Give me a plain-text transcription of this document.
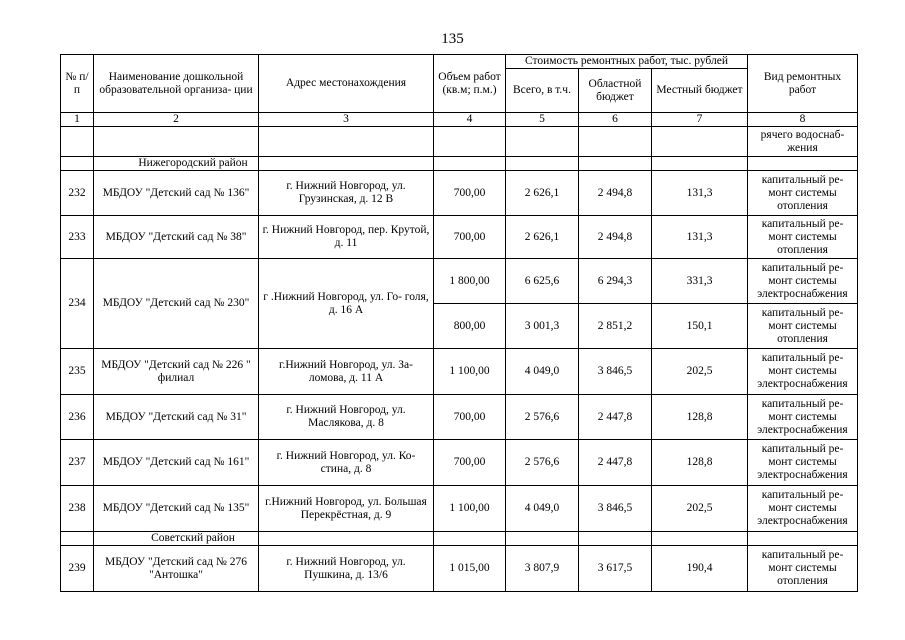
135
№ п/п	Наименование дошкольной образовательной организа- ции	Адрес местонахождения	Объем работ (кв.м; п.м.)	Стоимость ремонтных работ, тыс. рублей			Вид ремонтных работ
				Всего, в т.ч.	Областной бюджет	Местный бюджет	
1	2	3	4	5	6	7	8
							рячего водоснаб- жения
	Нижегородский район						
232	МБДОУ "Детский сад № 136"	г. Нижний Новгород, ул. Грузинская, д. 12 В	700,00	2 626,1	2 494,8	131,3	капитальный ре- монт системы отопления
233	МБДОУ "Детский сад № 38"	г. Нижний Новгород, пер. Крутой, д. 11	700,00	2 626,1	2 494,8	131,3	капитальный ре- монт системы отопления
234	МБДОУ "Детский сад № 230"	г .Нижний Новгород, ул. Го- голя, д. 16 А	1 800,00	6 625,6	6 294,3	331,3	капитальный ре- монт системы электроснабжения
			800,00	3 001,3	2 851,2	150,1	капитальный ре- монт системы отопления
235	МБДОУ "Детский сад № 226 " филиал	г.Нижний Новгород, ул. За- ломова, д. 11 А	1 100,00	4 049,0	3 846,5	202,5	капитальный ре- монт системы электроснабжения
236	МБДОУ "Детский сад № 31"	г. Нижний Новгород, ул. Маслякова, д. 8	700,00	2 576,6	2 447,8	128,8	капитальный ре- монт системы электроснабжения
237	МБДОУ "Детский сад № 161"	г. Нижний Новгород, ул. Ко- стина, д. 8	700,00	2 576,6	2 447,8	128,8	капитальный ре- монт системы электроснабжения
238	МБДОУ "Детский сад № 135"	г.Нижний Новгород, ул. Большая Перекрёстная, д. 9	1 100,00	4 049,0	3 846,5	202,5	капитальный ре- монт системы электроснабжения
	Советский район						
239	МБДОУ "Детский сад № 276 "Антошка"	г. Нижний Новгород, ул. Пушкина, д. 13/6	1 015,00	3 807,9	3 617,5	190,4	капитальный ре- монт системы отопления
